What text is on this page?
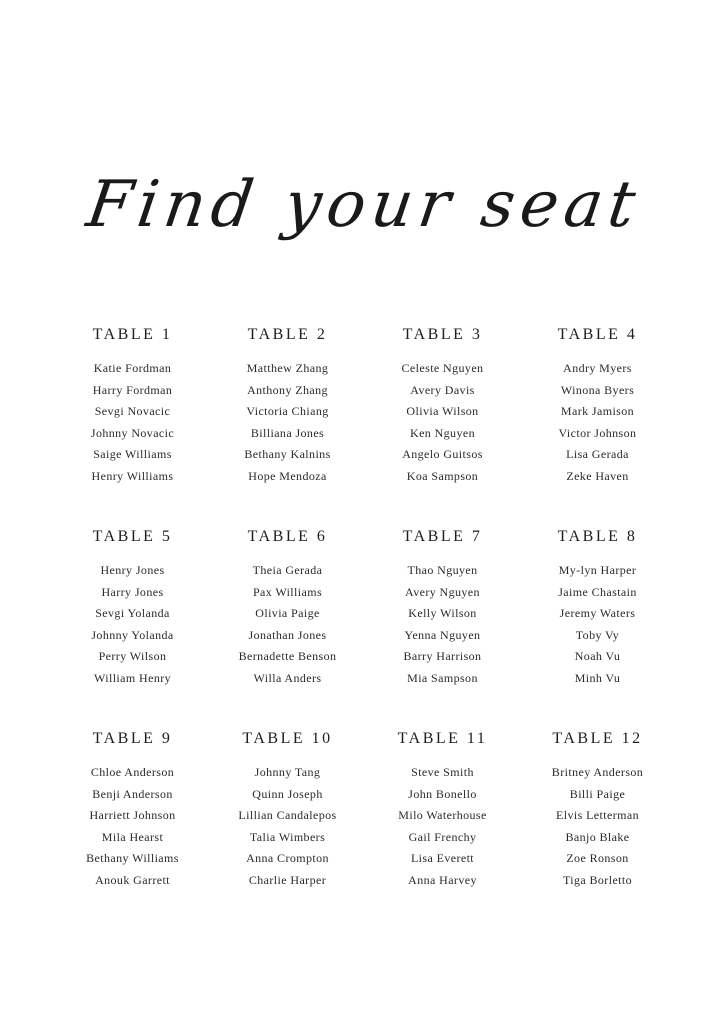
Find your seat
TABLE 1
Katie Fordman
Harry Fordman
Sevgi Novacic
Johnny Novacic
Saige Williams
Henry Williams
TABLE 2
Matthew Zhang
Anthony Zhang
Victoria Chiang
Billiana Jones
Bethany Kalnins
Hope Mendoza
TABLE 3
Celeste Nguyen
Avery Davis
Olivia Wilson
Ken Nguyen
Angelo Guitsos
Koa Sampson
TABLE 4
Andry Myers
Winona Byers
Mark Jamison
Victor Johnson
Lisa Gerada
Zeke Haven
TABLE 5
Henry Jones
Harry Jones
Sevgi Yolanda
Johnny Yolanda
Perry Wilson
William Henry
TABLE 6
Theia Gerada
Pax Williams
Olivia Paige
Jonathan Jones
Bernadette Benson
Willa Anders
TABLE 7
Thao Nguyen
Avery Nguyen
Kelly Wilson
Yenna Nguyen
Barry Harrison
Mia Sampson
TABLE 8
My-lyn Harper
Jaime Chastain
Jeremy Waters
Toby Vy
Noah Vu
Minh Vu
TABLE 9
Chloe Anderson
Benji Anderson
Harriett Johnson
Mila Hearst
Bethany Williams
Anouk Garrett
TABLE 10
Johnny Tang
Quinn Joseph
Lillian Candalepos
Talia Wimbers
Anna Crompton
Charlie Harper
TABLE 11
Steve Smith
John Bonello
Milo Waterhouse
Gail Frenchy
Lisa Everett
Anna Harvey
TABLE 12
Britney Anderson
Billi Paige
Elvis Letterman
Banjo Blake
Zoe Ronson
Tiga Borletto
